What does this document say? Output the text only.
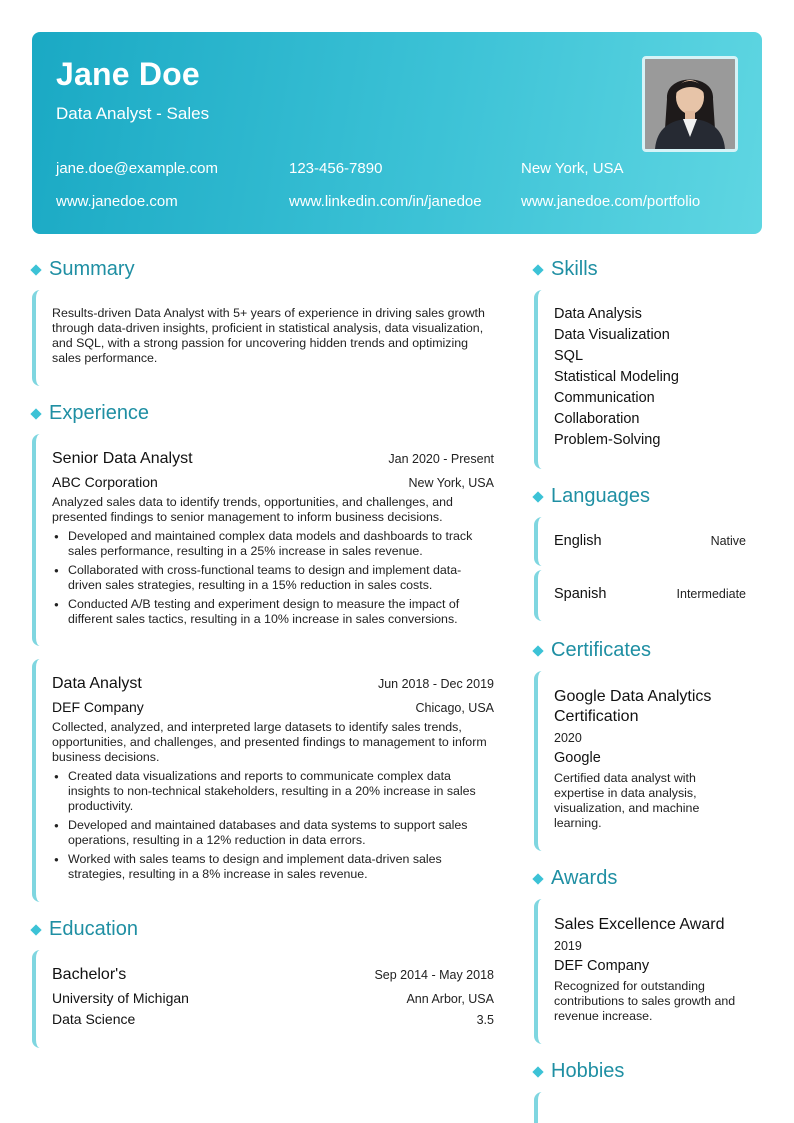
Jane Doe
Data Analyst - Sales
jane.doe@example.com	123-456-7890	New York, USA
www.janedoe.com	www.linkedin.com/in/janedoe	www.janedoe.com/portfolio
Summary
Results-driven Data Analyst with 5+ years of experience in driving sales growth through data-driven insights, proficient in statistical analysis, data visualization, and SQL, with a strong passion for uncovering hidden trends and optimizing sales performance.
Experience
Senior Data Analyst	Jan 2020 - Present
ABC Corporation	New York, USA
Analyzed sales data to identify trends, opportunities, and challenges, and presented findings to senior management to inform business decisions.
● Developed and maintained complex data models and dashboards to track sales performance, resulting in a 25% increase in sales revenue.
● Collaborated with cross-functional teams to design and implement data-driven sales strategies, resulting in a 15% reduction in sales costs.
● Conducted A/B testing and experiment design to measure the impact of different sales tactics, resulting in a 10% increase in sales conversions.
Data Analyst	Jun 2018 - Dec 2019
DEF Company	Chicago, USA
Collected, analyzed, and interpreted large datasets to identify sales trends, opportunities, and challenges, and presented findings to management to inform business decisions.
● Created data visualizations and reports to communicate complex data insights to non-technical stakeholders, resulting in a 20% increase in sales productivity.
● Developed and maintained databases and data systems to support sales operations, resulting in a 12% reduction in data errors.
● Worked with sales teams to design and implement data-driven sales strategies, resulting in a 8% increase in sales revenue.
Education
Bachelor's	Sep 2014 - May 2018
University of Michigan	Ann Arbor, USA
Data Science	3.5
Skills
Data Analysis
Data Visualization
SQL
Statistical Modeling
Communication
Collaboration
Problem-Solving
Languages
English	Native
Spanish	Intermediate
Certificates
Google Data Analytics Certification
2020
Google
Certified data analyst with expertise in data analysis, visualization, and machine learning.
Awards
Sales Excellence Award
2019
DEF Company
Recognized for outstanding contributions to sales growth and revenue increase.
Hobbies
